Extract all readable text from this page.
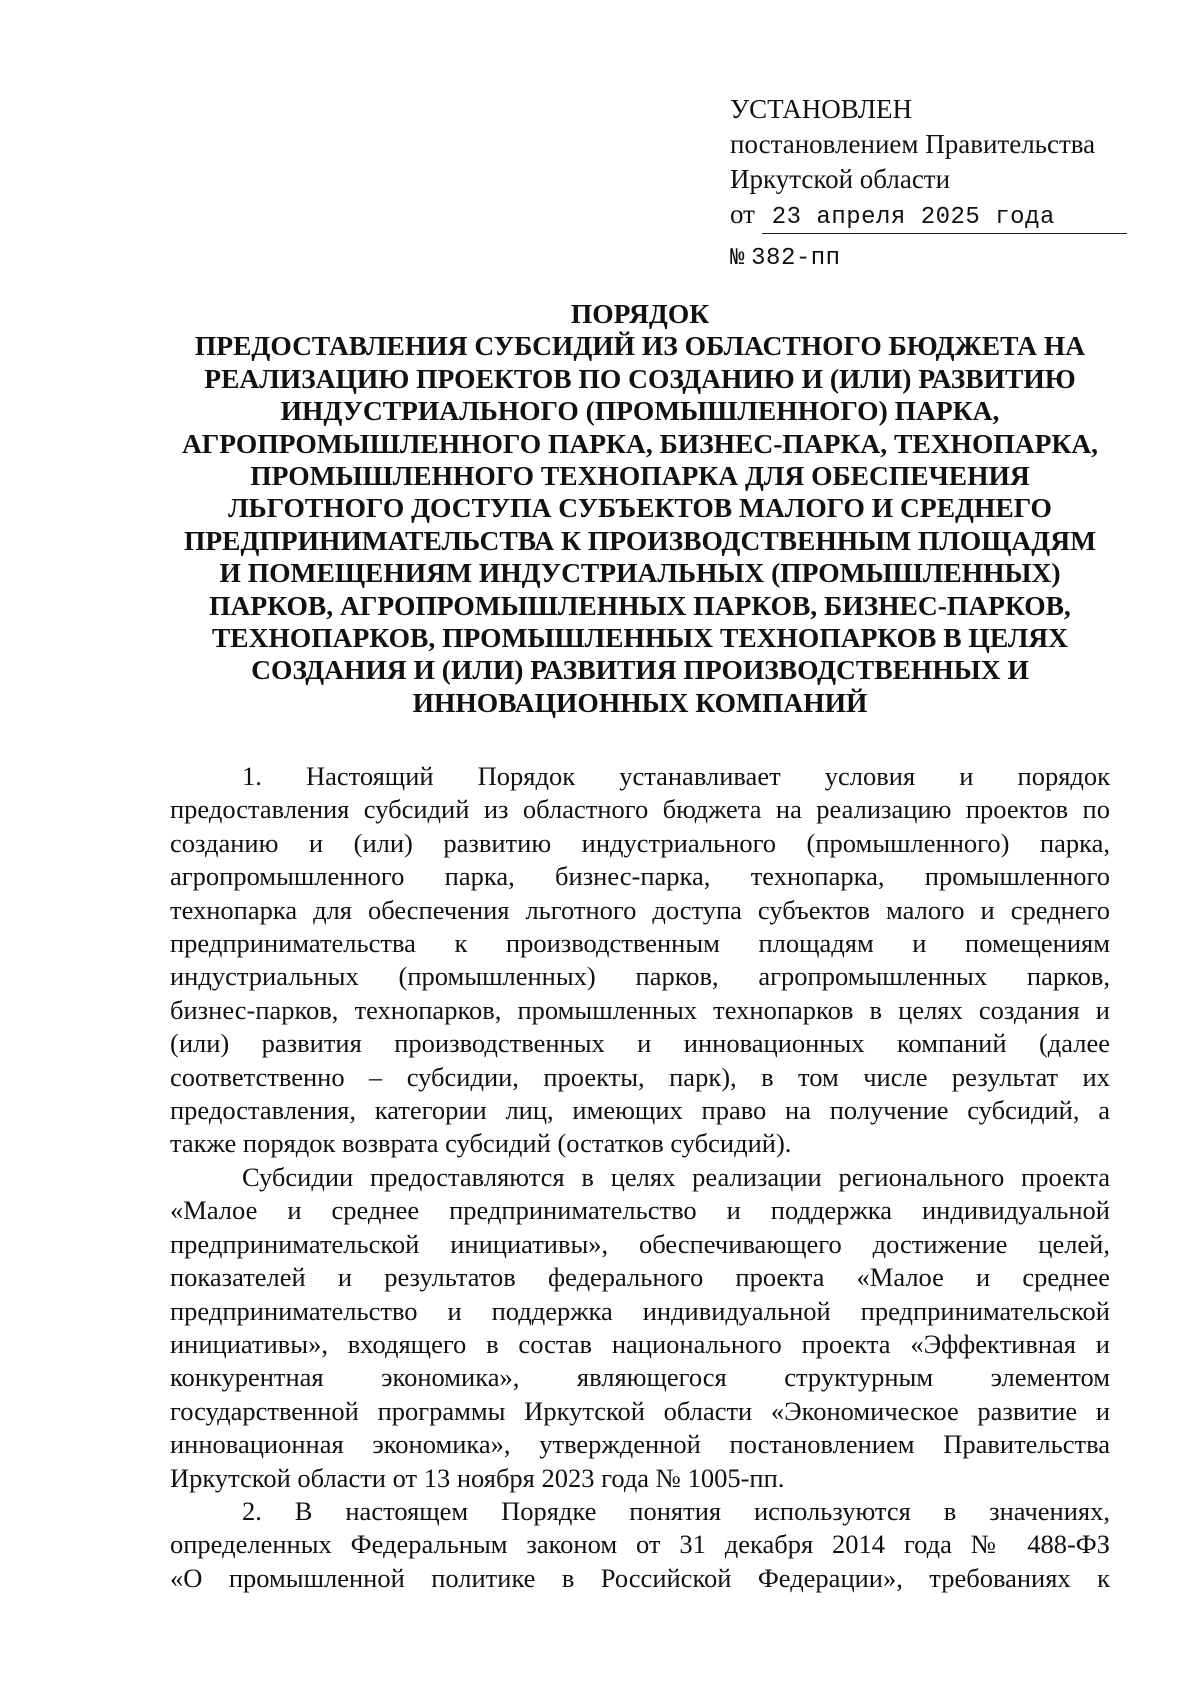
УСТАНОВЛЕН
постановлением Правительства
Иркутской области
от 23 апреля 2025 года
№ 382-пп
ПОРЯДОК
ПРЕДОСТАВЛЕНИЯ СУБСИДИЙ ИЗ ОБЛАСТНОГО БЮДЖЕТА НА
РЕАЛИЗАЦИЮ ПРОЕКТОВ ПО СОЗДАНИЮ И (ИЛИ) РАЗВИТИЮ
ИНДУСТРИАЛЬНОГО (ПРОМЫШЛЕННОГО) ПАРКА,
АГРОПРОМЫШЛЕННОГО ПАРКА, БИЗНЕС-ПАРКА, ТЕХНОПАРКА,
ПРОМЫШЛЕННОГО ТЕХНОПАРКА ДЛЯ ОБЕСПЕЧЕНИЯ
ЛЬГОТНОГО ДОСТУПА СУБЪЕКТОВ МАЛОГО И СРЕДНЕГО
ПРЕДПРИНИМАТЕЛЬСТВА К ПРОИЗВОДСТВЕННЫМ ПЛОЩАДЯМ
И ПОМЕЩЕНИЯМ ИНДУСТРИАЛЬНЫХ (ПРОМЫШЛЕННЫХ)
ПАРКОВ, АГРОПРОМЫШЛЕННЫХ ПАРКОВ, БИЗНЕС-ПАРКОВ,
ТЕХНОПАРКОВ, ПРОМЫШЛЕННЫХ ТЕХНОПАРКОВ В ЦЕЛЯХ
СОЗДАНИЯ И (ИЛИ) РАЗВИТИЯ ПРОИЗВОДСТВЕННЫХ И
ИННОВАЦИОННЫХ КОМПАНИЙ
1. Настоящий Порядок устанавливает условия и порядок
предоставления субсидий из областного бюджета на реализацию проектов по
созданию и (или) развитию индустриального (промышленного) парка,
агропромышленного парка, бизнес-парка, технопарка, промышленного
технопарка для обеспечения льготного доступа субъектов малого и среднего
предпринимательства к производственным площадям и помещениям
индустриальных (промышленных) парков, агропромышленных парков,
бизнес-парков, технопарков, промышленных технопарков в целях создания и
(или) развития производственных и инновационных компаний (далее
соответственно – субсидии, проекты, парк), в том числе результат их
предоставления, категории лиц, имеющих право на получение субсидий, а
также порядок возврата субсидий (остатков субсидий).
Субсидии предоставляются в целях реализации регионального проекта
«Малое и среднее предпринимательство и поддержка индивидуальной
предпринимательской инициативы», обеспечивающего достижение целей,
показателей и результатов федерального проекта «Малое и среднее
предпринимательство и поддержка индивидуальной предпринимательской
инициативы», входящего в состав национального проекта «Эффективная и
конкурентная экономика», являющегося структурным элементом
государственной программы Иркутской области «Экономическое развитие и
инновационная экономика», утвержденной постановлением Правительства
Иркутской области от 13 ноября 2023 года № 1005-пп.
2. В настоящем Порядке понятия используются в значениях,
определенных Федеральным законом от 31 декабря 2014 года № 488-ФЗ
«О промышленной политике в Российской Федерации», требованиях к
